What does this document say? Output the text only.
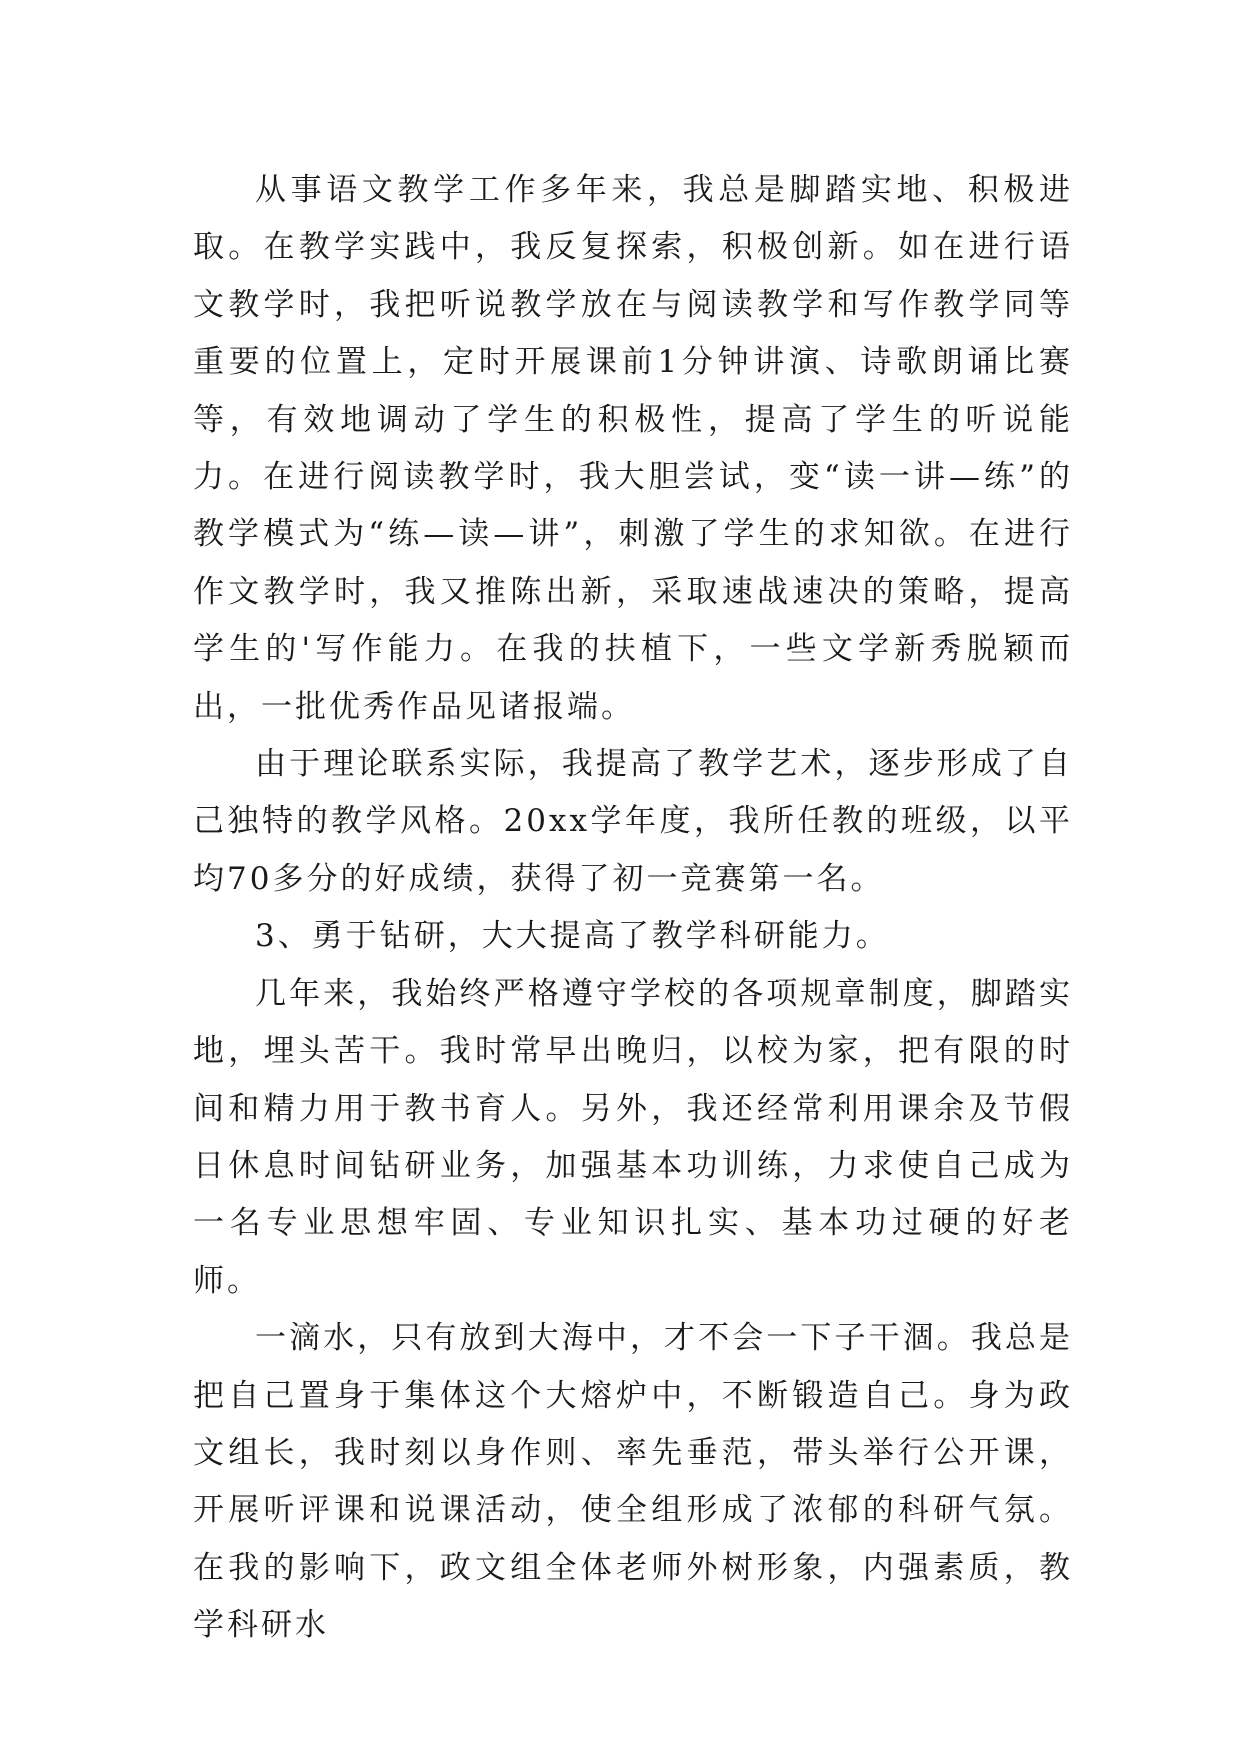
从事语文教学工作多年来，我总是脚踏实地、积极进取。在教学实践中，我反复探索，积极创新。如在进行语文教学时，我把听说教学放在与阅读教学和写作教学同等重要的位置上，定时开展课前1分钟讲演、诗歌朗诵比赛等，有效地调动了学生的积极性，提高了学生的听说能力。在进行阅读教学时，我大胆尝试，变“读一讲—练”的教学模式为“练—读—讲”，刺激了学生的求知欲。在进行作文教学时，我又推陈出新，采取速战速决的策略，提高学生的'写作能力。在我的扶植下，一些文学新秀脱颖而出，一批优秀作品见诸报端。

由于理论联系实际，我提高了教学艺术，逐步形成了自己独特的教学风格。20xx学年度，我所任教的班级，以平均70多分的好成绩，获得了初一竞赛第一名。

3、勇于钻研，大大提高了教学科研能力。

几年来，我始终严格遵守学校的各项规章制度，脚踏实地，埋头苦干。我时常早出晚归，以校为家，把有限的时间和精力用于教书育人。另外，我还经常利用课余及节假日休息时间钻研业务，加强基本功训练，力求使自己成为一名专业思想牢固、专业知识扎实、基本功过硬的好老师。

一滴水，只有放到大海中，才不会一下子干涸。我总是把自己置身于集体这个大熔炉中，不断锻造自己。身为政文组长，我时刻以身作则、率先垂范，带头举行公开课，开展听评课和说课活动，使全组形成了浓郁的科研气氛。在我的影响下，政文组全体老师外树形象，内强素质，教学科研水
